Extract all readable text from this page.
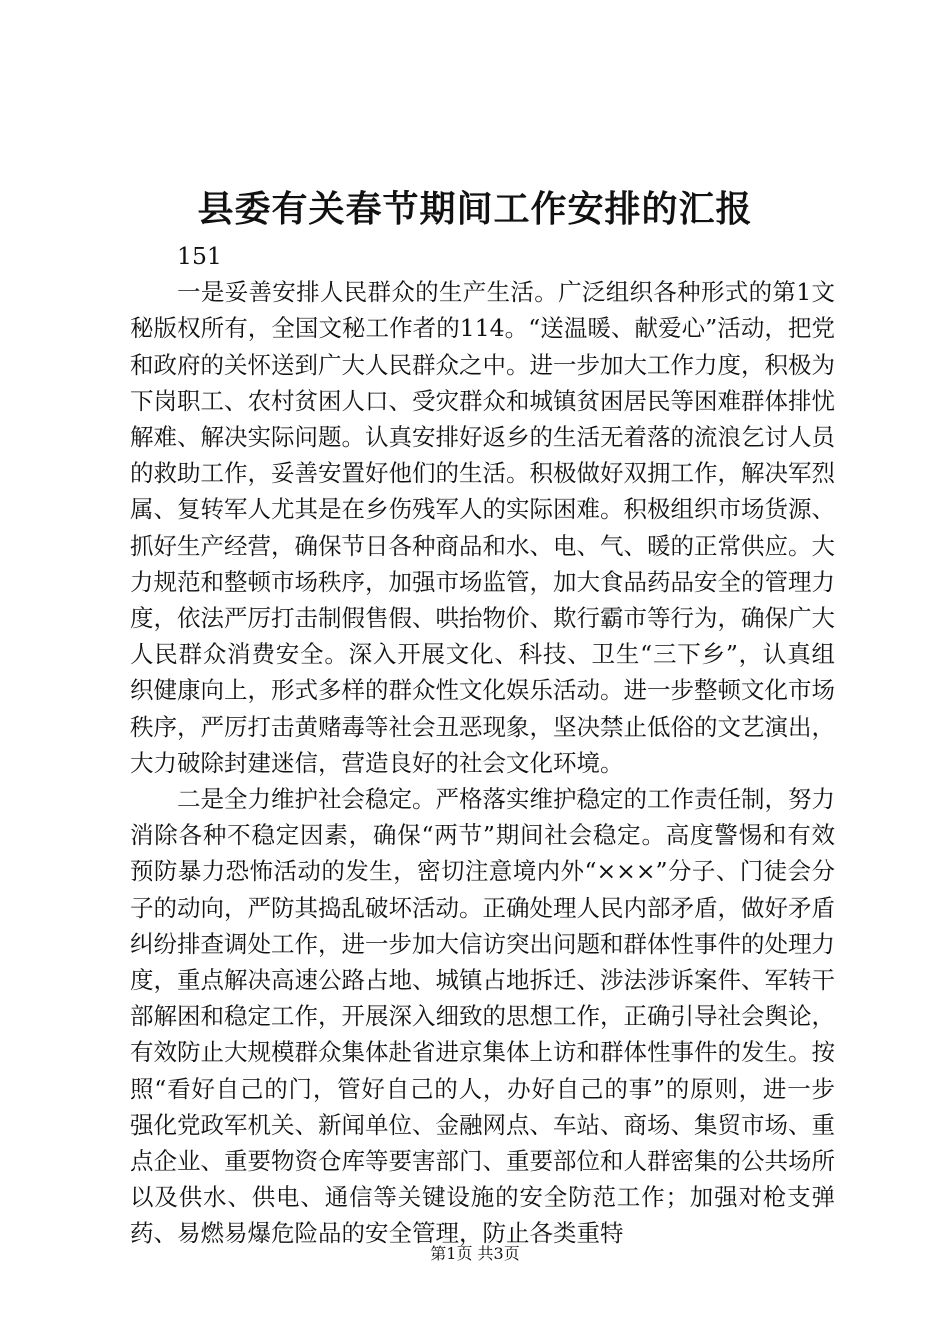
县委有关春节期间工作安排的汇报

151

一是妥善安排人民群众的生产生活。广泛组织各种形式的第1文秘版权所有，全国文秘工作者的114。“送温暖、献爱心”活动，把党和政府的关怀送到广大人民群众之中。进一步加大工作力度，积极为下岗职工、农村贫困人口、受灾群众和城镇贫困居民等困难群体排忧解难、解决实际问题。认真安排好返乡的生活无着落的流浪乞讨人员的救助工作，妥善安置好他们的生活。积极做好双拥工作，解决军烈属、复转军人尤其是在乡伤残军人的实际困难。积极组织市场货源、抓好生产经营，确保节日各种商品和水、电、气、暖的正常供应。大力规范和整顿市场秩序，加强市场监管，加大食品药品安全的管理力度，依法严厉打击制假售假、哄抬物价、欺行霸市等行为，确保广大人民群众消费安全。深入开展文化、科技、卫生“三下乡”，认真组织健康向上，形式多样的群众性文化娱乐活动。进一步整顿文化市场秩序，严厉打击黄赌毒等社会丑恶现象，坚决禁止低俗的文艺演出，大力破除封建迷信，营造良好的社会文化环境。

二是全力维护社会稳定。严格落实维护稳定的工作责任制，努力消除各种不稳定因素，确保“两节”期间社会稳定。高度警惕和有效预防暴力恐怖活动的发生，密切注意境内外“×××”分子、门徒会分子的动向，严防其捣乱破坏活动。正确处理人民内部矛盾，做好矛盾纠纷排查调处工作，进一步加大信访突出问题和群体性事件的处理力度，重点解决高速公路占地、城镇占地拆迁、涉法涉诉案件、军转干部解困和稳定工作，开展深入细致的思想工作，正确引导社会舆论，有效防止大规模群众集体赴省进京集体上访和群体性事件的发生。按照“看好自己的门，管好自己的人，办好自己的事”的原则，进一步强化党政军机关、新闻单位、金融网点、车站、商场、集贸市场、重点企业、重要物资仓库等要害部门、重要部位和人群密集的公共场所以及供水、供电、通信等关键设施的安全防范工作；加强对枪支弹药、易燃易爆危险品的安全管理，防止各类重特

第1页 共3页
